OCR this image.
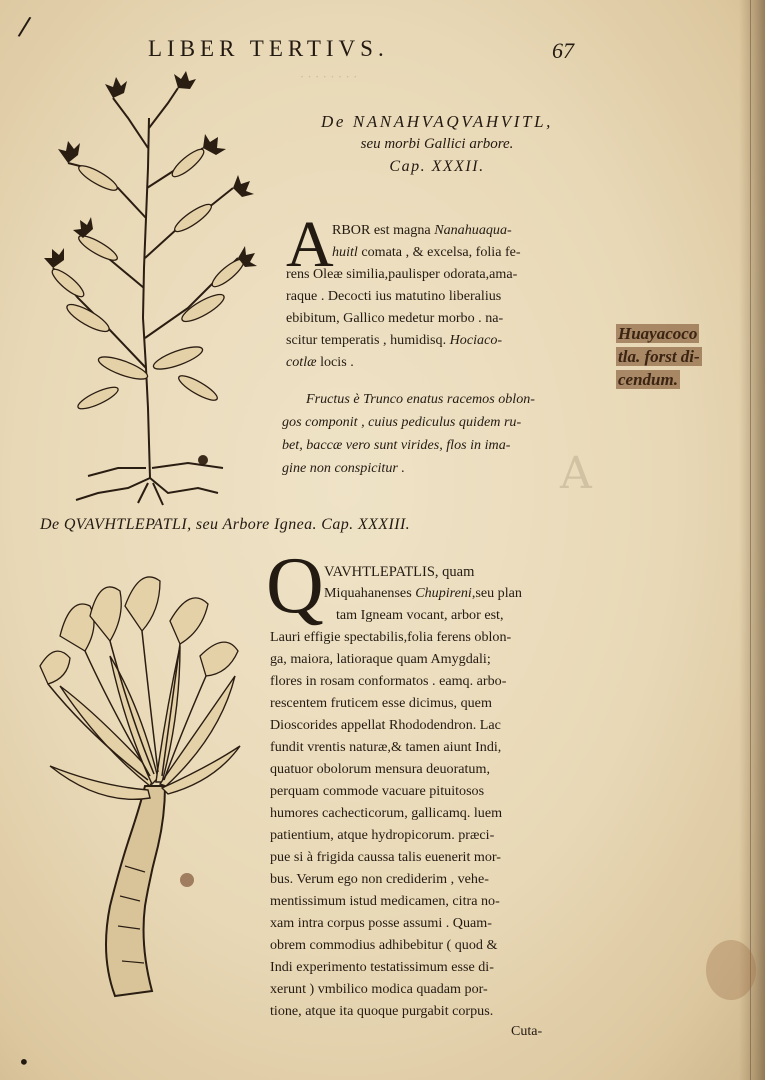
· · · · · · · ·
A
/
•
LIBER TERTIVS.	67
De NANAHVAQVAHVITL,
seu morbi Gallici arbore.
Cap. XXXII.
A
RBOR est magna Nanahuaqua-
huitl comata , & excelsa, folia fe-
rens Oleæ similia,paulisper odorata,ama-
raque . Decocti ius matutino liberalius
ebibitum, Gallico medetur morbo . na-
scitur temperatis , humidisq. Hociaco-
cotlæ locis .
Fructus è Trunco enatus racemos oblon-
gos componit , cuius pediculus quidem ru-
bet, baccæ vero sunt virides, flos in ima-
gine non conspicitur .
De QVAVHTLEPATLI, seu Arbore Ignea. Cap. XXXIII.
Q VAVHTLEPATLIS, quam
Miquahanenses Chupireni,seu plan
tam Igneam vocant, arbor est,
Lauri effigie spectabilis,folia ferens oblon-
ga, maiora, latioraque quam Amygdali;
flores in rosam conformatos . eamq. arbo-
rescentem fruticem esse dicimus, quem
Dioscorides appellat Rhododendron. Lac
fundit vrentis naturæ,& tamen aiunt Indi,
quatuor obolorum mensura deuoratum,
perquam commode vacuare pituitosos
humores cachecticorum, gallicamq. luem
patientium, atque hydropicorum. præci-
pue si à frigida caussa talis euenerit mor-
bus. Verum ego non crediderim , vehe-
mentissimum istud medicamen, citra no-
xam intra corpus posse assumi . Quam-
obrem commodius adhibebitur ( quod &
Indi experimento testatissimum esse di-
xerunt ) vmbilico modica quadam por-
tione, atque ita quoque purgabit corpus.
Cuta-
Huayacoco
tla. forst di-
cendum.
